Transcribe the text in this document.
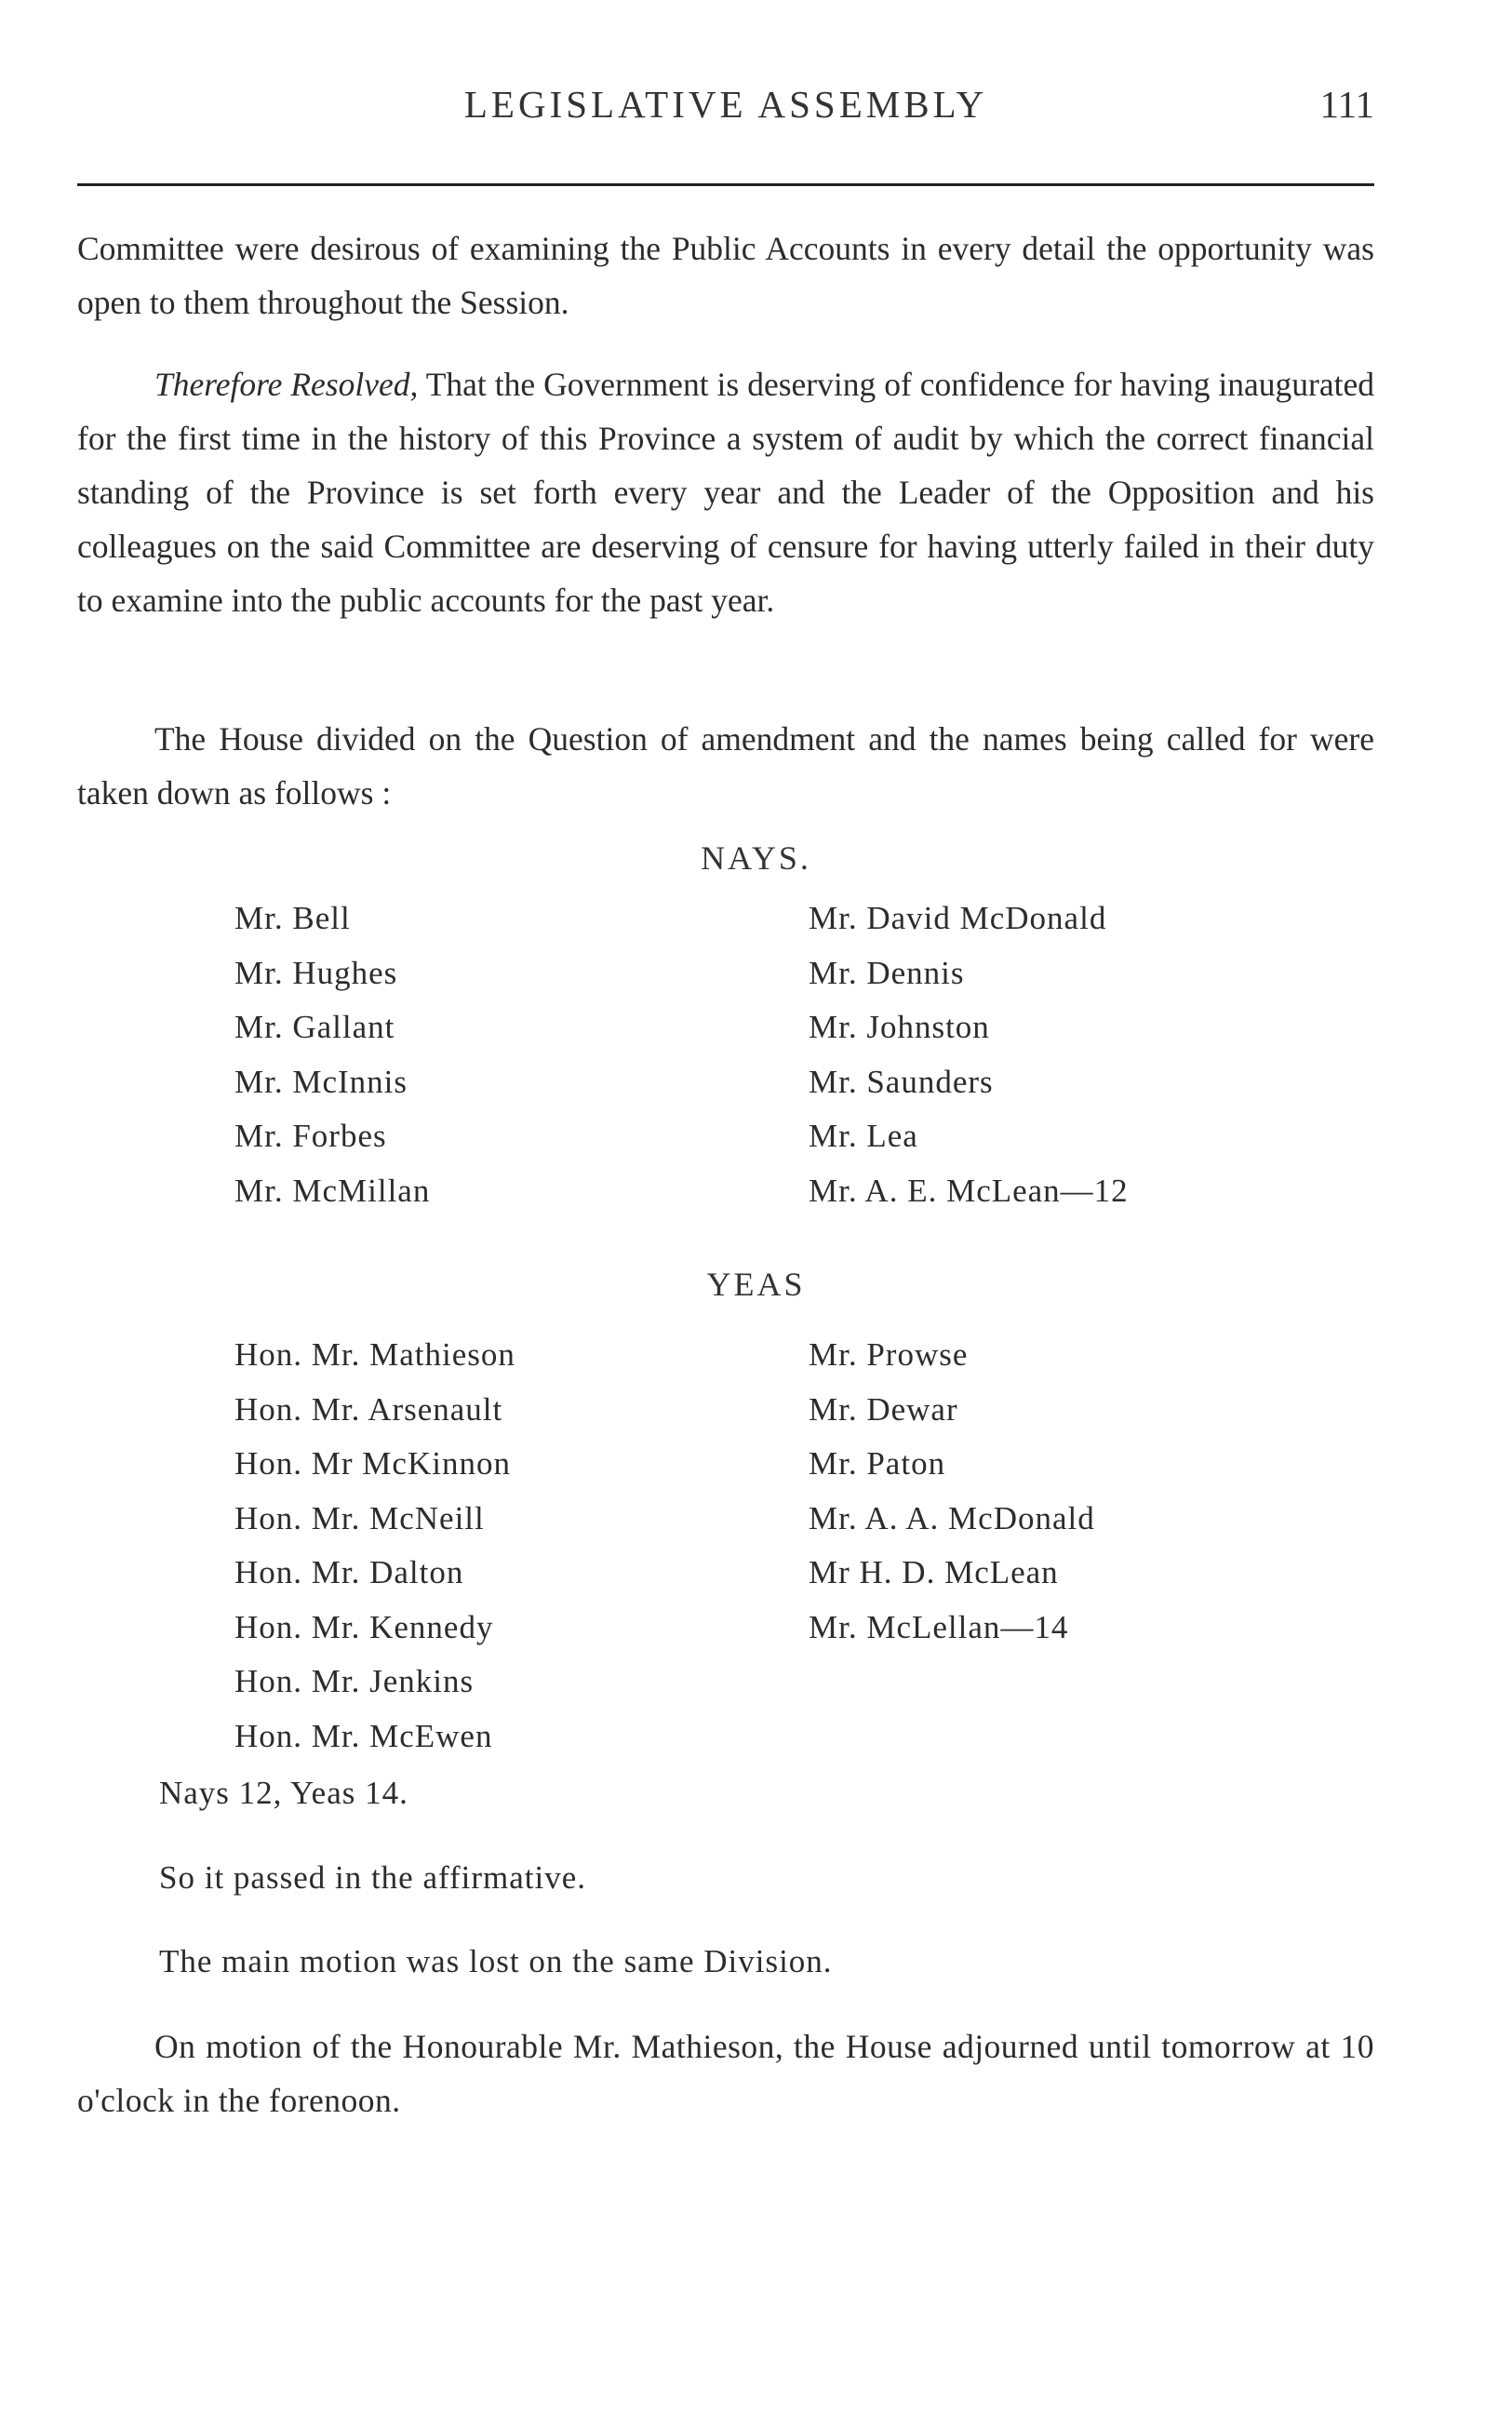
LEGISLATIVE ASSEMBLY	111
Committee were desirous of examining the Public Accounts in every detail the opportunity was open to them throughout the Session.
Therefore Resolved, That the Government is deserving of confidence for having inaugurated for the first time in the history of this Province a system of audit by which the correct financial standing of the Province is set forth every year and the Leader of the Opposition and his colleagues on the said Committee are deserving of censure for having utterly failed in their duty to examine into the public accounts for the past year.
The House divided on the Question of amendment and the names being called for were taken down as follows :
NAYS.
Mr. Bell
Mr. Hughes
Mr. Gallant
Mr. McInnis
Mr. Forbes
Mr. McMillan
Mr. David McDonald
Mr. Dennis
Mr. Johnston
Mr. Saunders
Mr. Lea
Mr. A. E. McLean—12
YEAS
Hon. Mr. Mathieson
Hon. Mr. Arsenault
Hon. Mr McKinnon
Hon. Mr. McNeill
Hon. Mr. Dalton
Hon. Mr. Kennedy
Hon. Mr. Jenkins
Hon. Mr. McEwen
Mr. Prowse
Mr. Dewar
Mr. Paton
Mr. A. A. McDonald
Mr H. D. McLean
Mr. McLellan—14
Nays 12, Yeas 14.
So it passed in the affirmative.
The main motion was lost on the same Division.
On motion of the Honourable Mr. Mathieson, the House adjourned until tomorrow at 10 o'clock in the forenoon.
